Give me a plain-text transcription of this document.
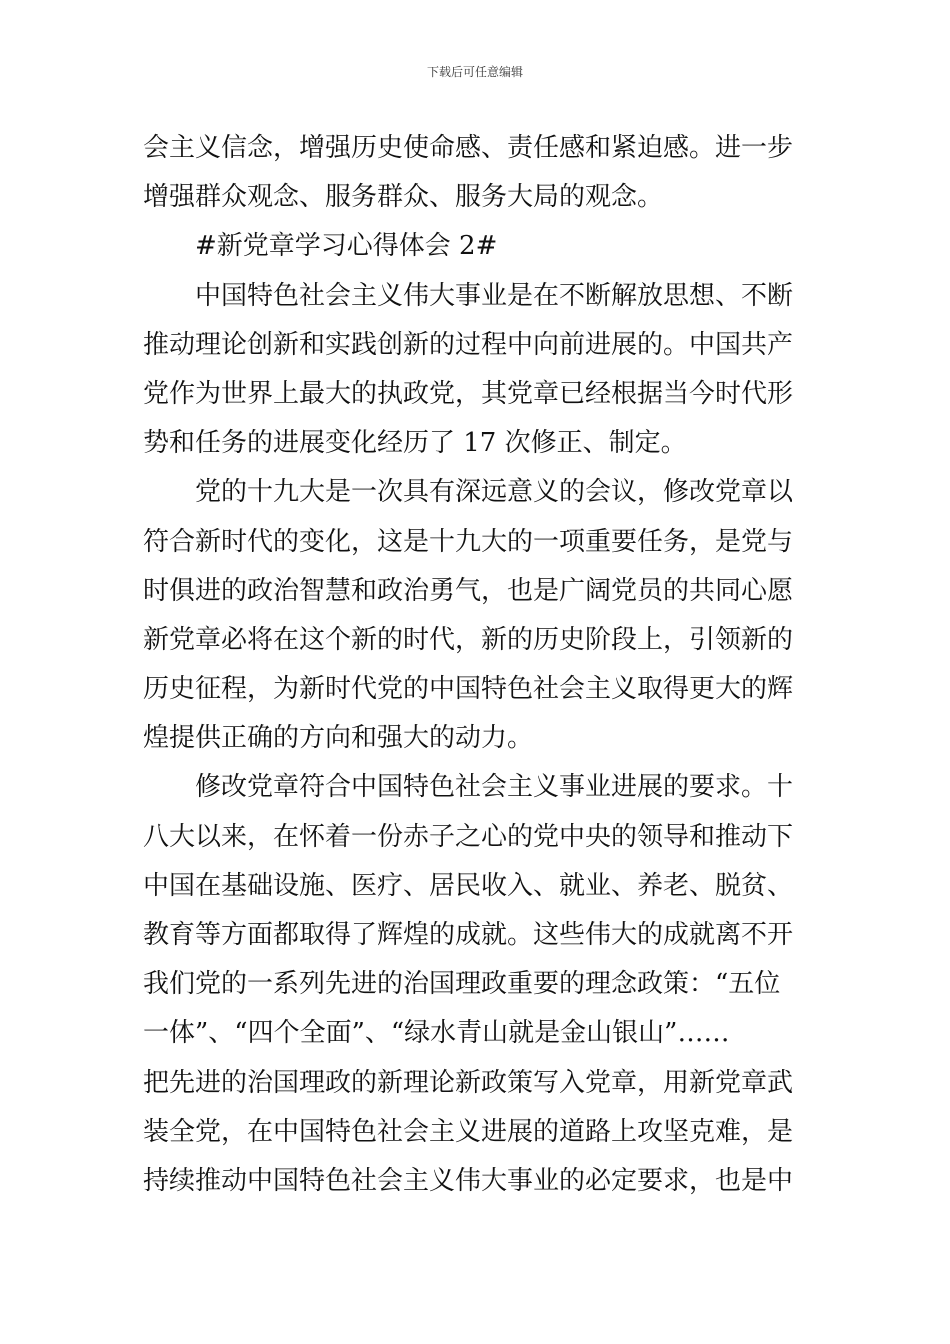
下载后可任意编辑
会主义信念，增强历史使命感、责任感和紧迫感。进一步
增强群众观念、服务群众、服务大局的观念。
#新党章学习心得体会 2#
中国特色社会主义伟大事业是在不断解放思想、不断
推动理论创新和实践创新的过程中向前进展的。中国共产
党作为世界上最大的执政党，其党章已经根据当今时代形
势和任务的进展变化经历了 17 次修正、制定。
党的十九大是一次具有深远意义的会议，修改党章以
符合新时代的变化，这是十九大的一项重要任务，是党与
时俱进的政治智慧和政治勇气，也是广阔党员的共同心愿
新党章必将在这个新的时代，新的历史阶段上，引领新的
历史征程，为新时代党的中国特色社会主义取得更大的辉
煌提供正确的方向和强大的动力。
修改党章符合中国特色社会主义事业进展的要求。十
八大以来，在怀着一份赤子之心的党中央的领导和推动下
中国在基础设施、医疗、居民收入、就业、养老、脱贫、
教育等方面都取得了辉煌的成就。这些伟大的成就离不开
我们党的一系列先进的治国理政重要的理念政策：“五位
一体”、“四个全面”、“绿水青山就是金山银山”……
把先进的治国理政的新理论新政策写入党章，用新党章武
装全党，在中国特色社会主义进展的道路上攻坚克难，是
持续推动中国特色社会主义伟大事业的必定要求，也是中
